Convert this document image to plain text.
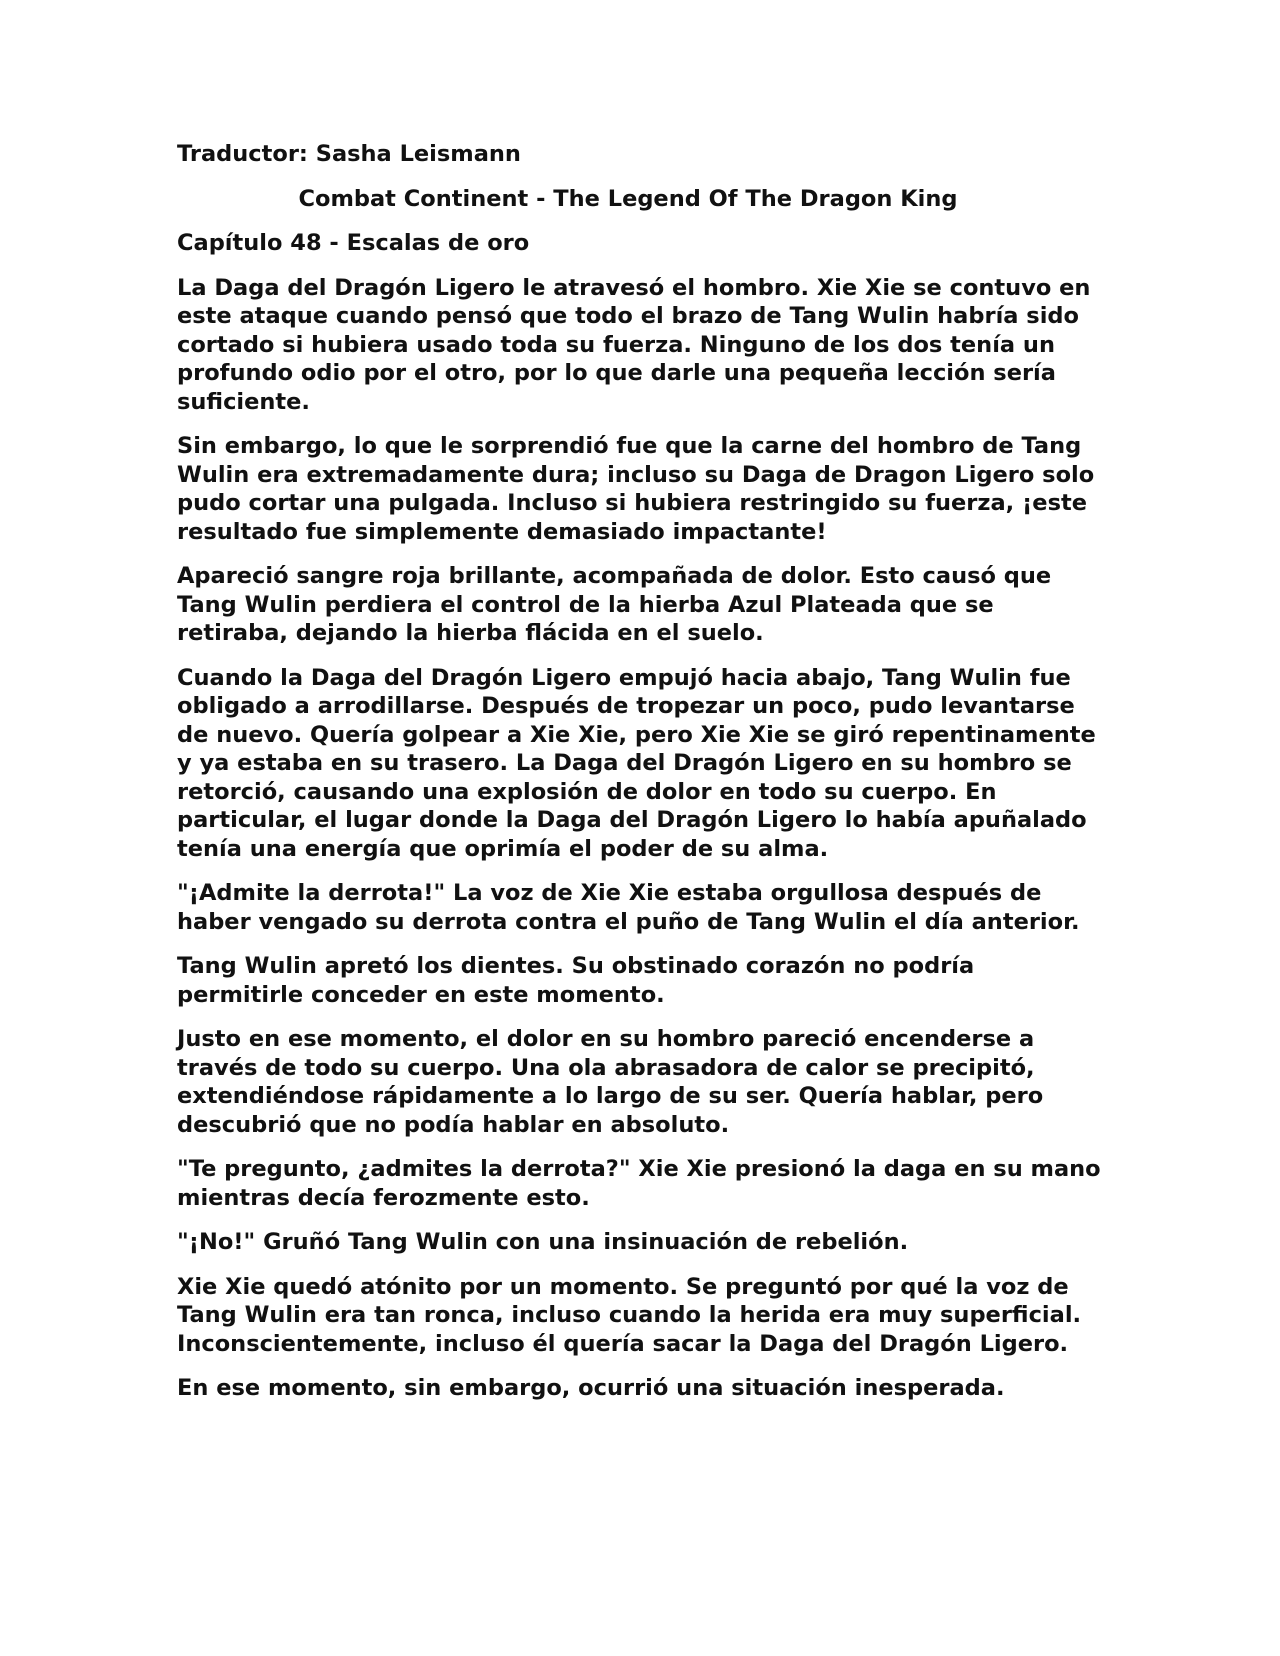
Traductor: Sasha Leismann
Combat Continent - The Legend Of The Dragon King
Capítulo 48 - Escalas de oro

La Daga del Dragón Ligero le atravesó el hombro. Xie Xie se contuvo en este ataque cuando pensó que todo el brazo de Tang Wulin habría sido cortado si hubiera usado toda su fuerza. Ninguno de los dos tenía un profundo odio por el otro, por lo que darle una pequeña lección sería suficiente.

Sin embargo, lo que le sorprendió fue que la carne del hombro de Tang Wulin era extremadamente dura; incluso su Daga de Dragon Ligero solo pudo cortar una pulgada. Incluso si hubiera restringido su fuerza, ¡este resultado fue simplemente demasiado impactante!

Apareció sangre roja brillante, acompañada de dolor. Esto causó que Tang Wulin perdiera el control de la hierba Azul Plateada que se retiraba, dejando la hierba flácida en el suelo.

Cuando la Daga del Dragón Ligero empujó hacia abajo, Tang Wulin fue obligado a arrodillarse. Después de tropezar un poco, pudo levantarse de nuevo. Quería golpear a Xie Xie, pero Xie Xie se giró repentinamente y ya estaba en su trasero. La Daga del Dragón Ligero en su hombro se retorció, causando una explosión de dolor en todo su cuerpo. En particular, el lugar donde la Daga del Dragón Ligero lo había apuñalado tenía una energía que oprimía el poder de su alma.

"¡Admite la derrota!" La voz de Xie Xie estaba orgullosa después de haber vengado su derrota contra el puño de Tang Wulin el día anterior.

Tang Wulin apretó los dientes. Su obstinado corazón no podría permitirle conceder en este momento.

Justo en ese momento, el dolor en su hombro pareció encenderse a través de todo su cuerpo. Una ola abrasadora de calor se precipitó, extendiéndose rápidamente a lo largo de su ser. Quería hablar, pero descubrió que no podía hablar en absoluto.

"Te pregunto, ¿admites la derrota?" Xie Xie presionó la daga en su mano mientras decía ferozmente esto.

"¡No!" Gruñó Tang Wulin con una insinuación de rebelión.

Xie Xie quedó atónito por un momento. Se preguntó por qué la voz de Tang Wulin era tan ronca, incluso cuando la herida era muy superficial. Inconscientemente, incluso él quería sacar la Daga del Dragón Ligero.

En ese momento, sin embargo, ocurrió una situación inesperada.
